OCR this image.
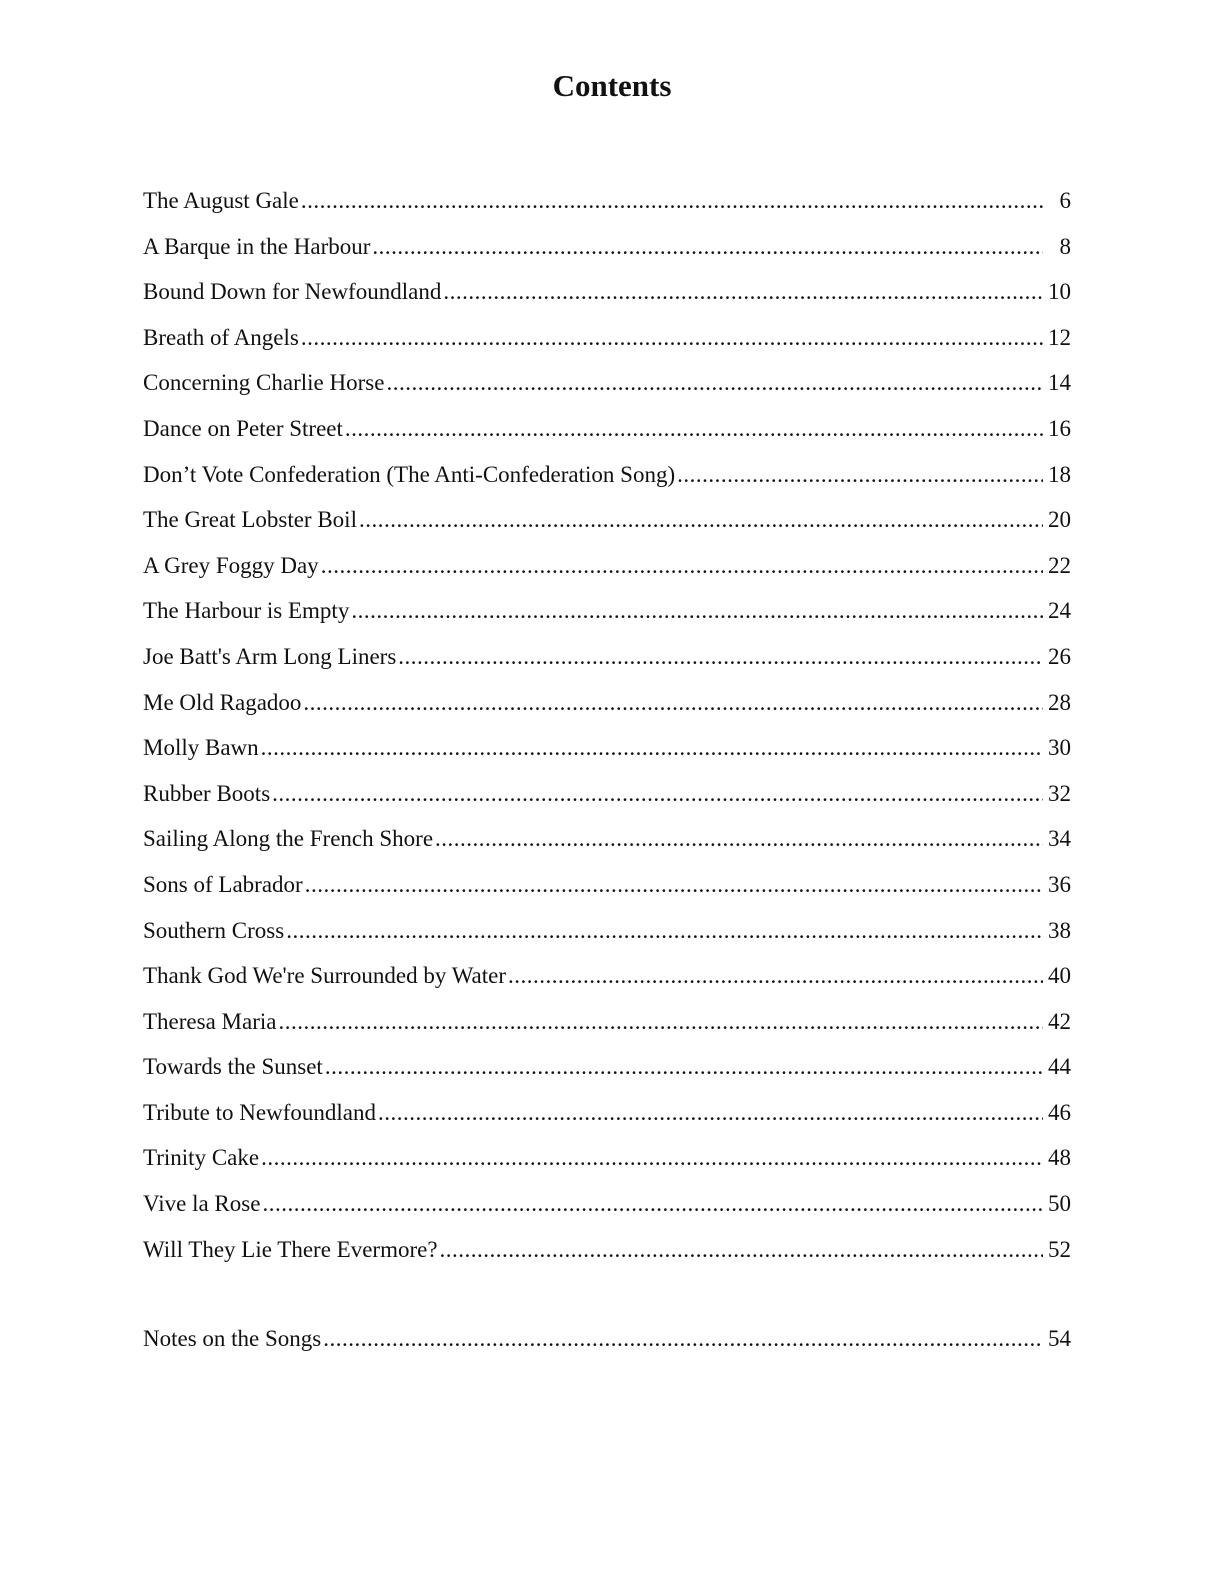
Contents
The August Gale .....	6
A Barque in the Harbour .....	8
Bound Down for Newfoundland .....	10
Breath of Angels .....	12
Concerning Charlie Horse .....	14
Dance on Peter Street .....	16
Don’t Vote Confederation (The Anti-Confederation Song) .....	18
The Great Lobster Boil .....	20
A Grey Foggy Day .....	22
The Harbour is Empty .....	24
Joe Batt's Arm Long Liners .....	26
Me Old Ragadoo .....	28
Molly Bawn .....	30
Rubber Boots .....	32
Sailing Along the French Shore .....	34
Sons of Labrador .....	36
Southern Cross .....	38
Thank God We're Surrounded by Water .....	40
Theresa Maria .....	42
Towards the Sunset .....	44
Tribute to Newfoundland .....	46
Trinity Cake .....	48
Vive la Rose .....	50
Will They Lie There Evermore? .....	52
Notes on the Songs .....	54
